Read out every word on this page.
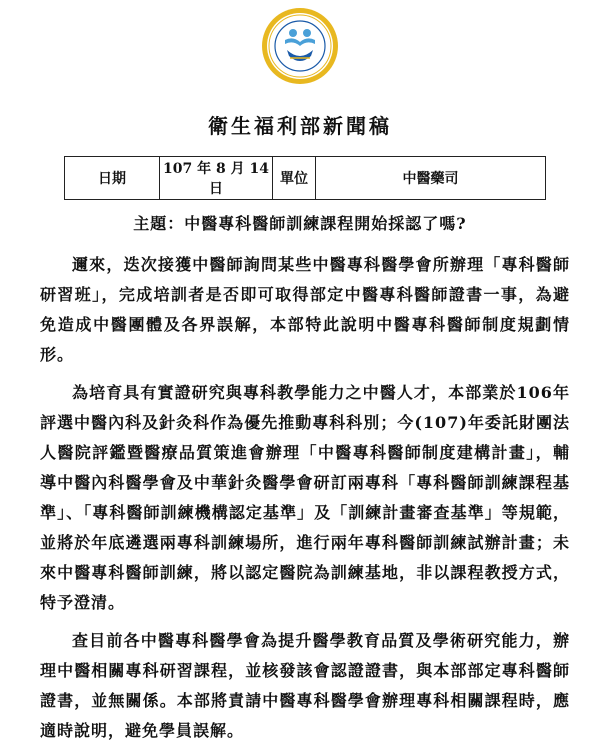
衛生福利部新聞稿
日期	107 年 8 月 14 日	單位	中醫藥司
主題：中醫專科醫師訓練課程開始採認了嗎?

邇來，迭次接獲中醫師詢問某些中醫專科醫學會所辦理「專科醫師研習班」，完成培訓者是否即可取得部定中醫專科醫師證書一事，為避免造成中醫團體及各界誤解，本部特此說明中醫專科醫師制度規劃情形。

為培育具有實證研究與專科教學能力之中醫人才，本部業於106年評選中醫內科及針灸科作為優先推動專科科別；今(107)年委託財團法人醫院評鑑暨醫療品質策進會辦理「中醫專科醫師制度建構計畫」，輔導中醫內科醫學會及中華針灸醫學會研訂兩專科「專科醫師訓練課程基準」、「專科醫師訓練機構認定基準」及「訓練計畫審查基準」等規範，並將於年底遴選兩專科訓練場所，進行兩年專科醫師訓練試辦計畫；未來中醫專科醫師訓練，將以認定醫院為訓練基地，非以課程教授方式，特予澄清。

查目前各中醫專科醫學會為提升醫學教育品質及學術研究能力，辦理中醫相關專科研習課程，並核發該會認證證書，與本部部定專科醫師證書，並無關係。本部將責請中醫專科醫學會辦理專科相關課程時，應適時說明，避免學員誤解。
